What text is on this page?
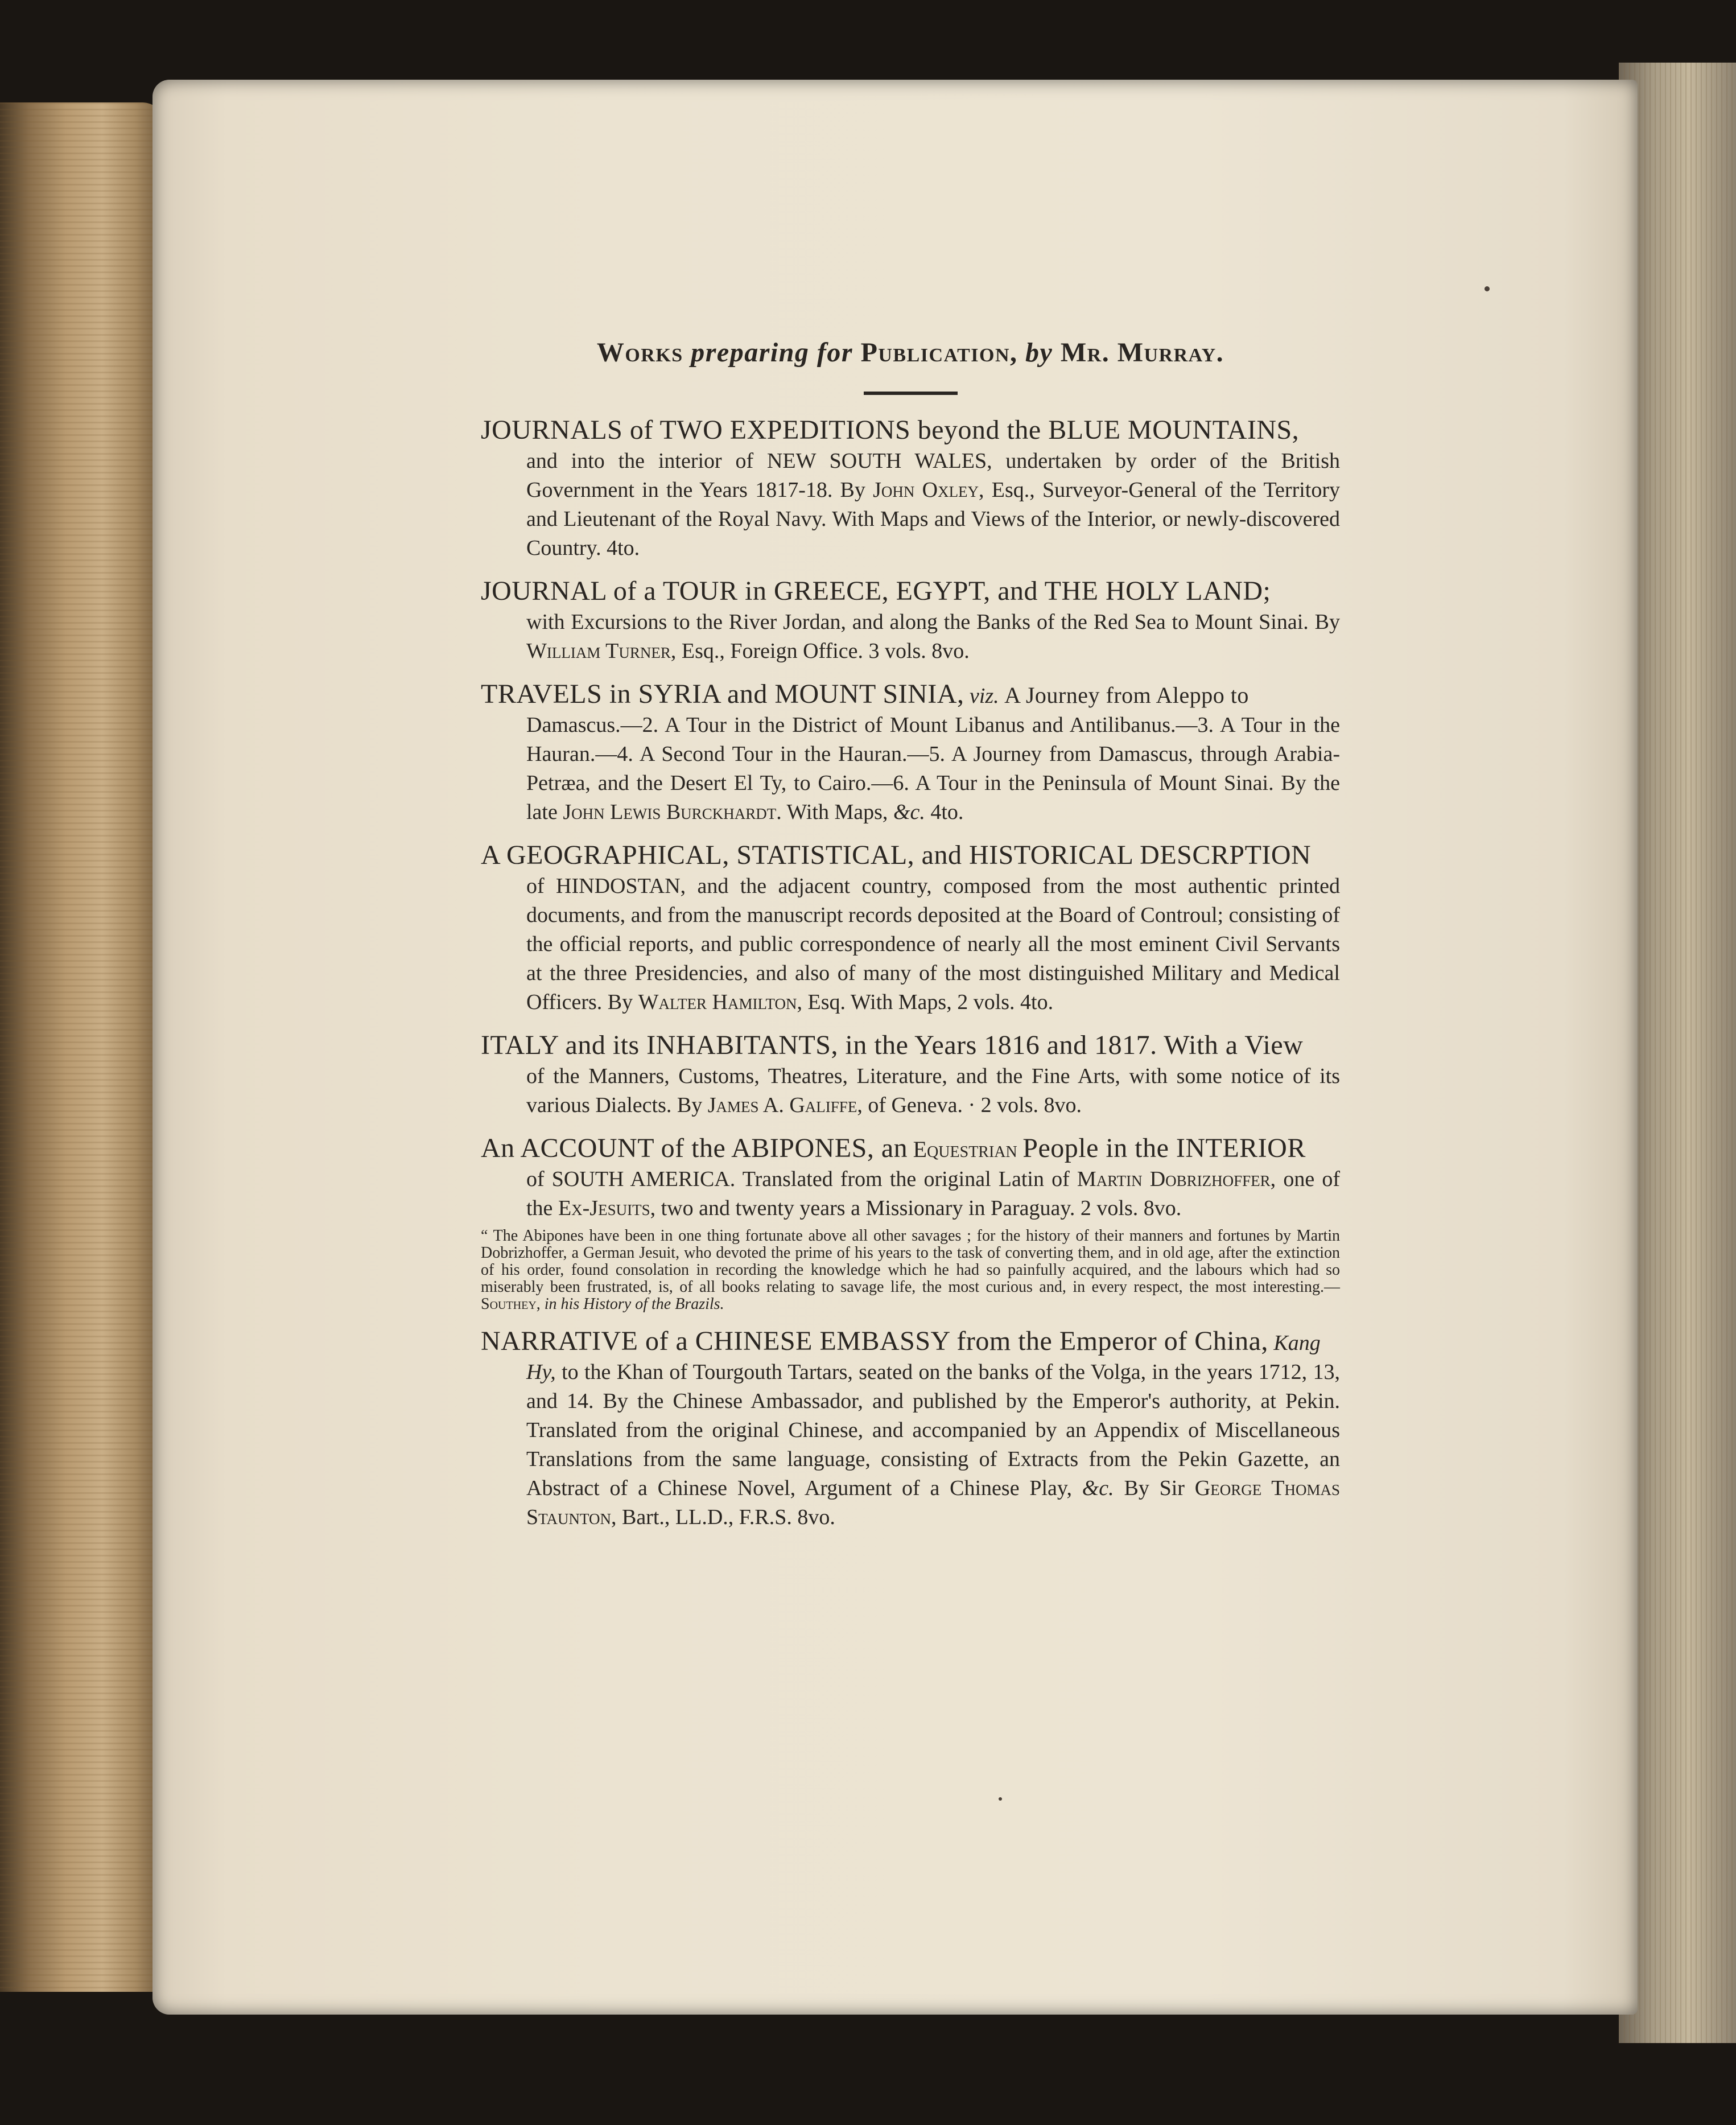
Works preparing for Publication, by Mr. Murray.

JOURNALS of TWO EXPEDITIONS beyond the BLUE MOUNTAINS,
and into the interior of NEW SOUTH WALES, undertaken by order of the British Government in the Years 1817-18. By John Oxley, Esq., Surveyor-General of the Territory and Lieutenant of the Royal Navy. With Maps and Views of the Interior, or newly-discovered Country. 4to.

JOURNAL of a TOUR in GREECE, EGYPT, and THE HOLY LAND;
with Excursions to the River Jordan, and along the Banks of the Red Sea to Mount Sinai. By William Turner, Esq., Foreign Office. 3 vols. 8vo.

TRAVELS in SYRIA and MOUNT SINIA, viz. A Journey from Aleppo to
Damascus.—2. A Tour in the District of Mount Libanus and Antilibanus.—3. A Tour in the Hauran.—4. A Second Tour in the Hauran.—5. A Journey from Damascus, through Arabia-Petræa, and the Desert El Ty, to Cairo.—6. A Tour in the Peninsula of Mount Sinai. By the late John Lewis Burckhardt. With Maps, &c. 4to.

A GEOGRAPHICAL, STATISTICAL, and HISTORICAL DESCRPTION
of HINDOSTAN, and the adjacent country, composed from the most authentic printed documents, and from the manuscript records deposited at the Board of Controul; consisting of the official reports, and public correspondence of nearly all the most eminent Civil Servants at the three Presidencies, and also of many of the most distinguished Military and Medical Officers. By Walter Hamilton, Esq. With Maps, 2 vols. 4to.

ITALY and its INHABITANTS, in the Years 1816 and 1817. With a View
of the Manners, Customs, Theatres, Literature, and the Fine Arts, with some notice of its various Dialects. By James A. Galiffe, of Geneva. · 2 vols. 8vo.

An ACCOUNT of the ABIPONES, an Equestrian People in the INTERIOR
of SOUTH AMERICA. Translated from the original Latin of Martin Dobrizhoffer, one of the Ex-Jesuits, two and twenty years a Missionary in Paraguay. 2 vols. 8vo.

“ The Abipones have been in one thing fortunate above all other savages ; for the history of their manners and fortunes by Martin Dobrizhoffer, a German Jesuit, who devoted the prime of his years to the task of converting them, and in old age, after the extinction of his order, found consolation in recording the knowledge which he had so painfully acquired, and the labours which had so miserably been frustrated, is, of all books relating to savage life, the most curious and, in every respect, the most interesting.— Southey, in his History of the Brazils.

NARRATIVE of a CHINESE EMBASSY from the Emperor of China, Kang
Hy, to the Khan of Tourgouth Tartars, seated on the banks of the Volga, in the years 1712, 13, and 14. By the Chinese Ambassador, and published by the Emperor's authority, at Pekin. Translated from the original Chinese, and accompanied by an Appendix of Miscellaneous Translations from the same language, consisting of Extracts from the Pekin Gazette, an Abstract of a Chinese Novel, Argument of a Chinese Play, &c. By Sir George Thomas Staunton, Bart., LL.D., F.R.S. 8vo.
